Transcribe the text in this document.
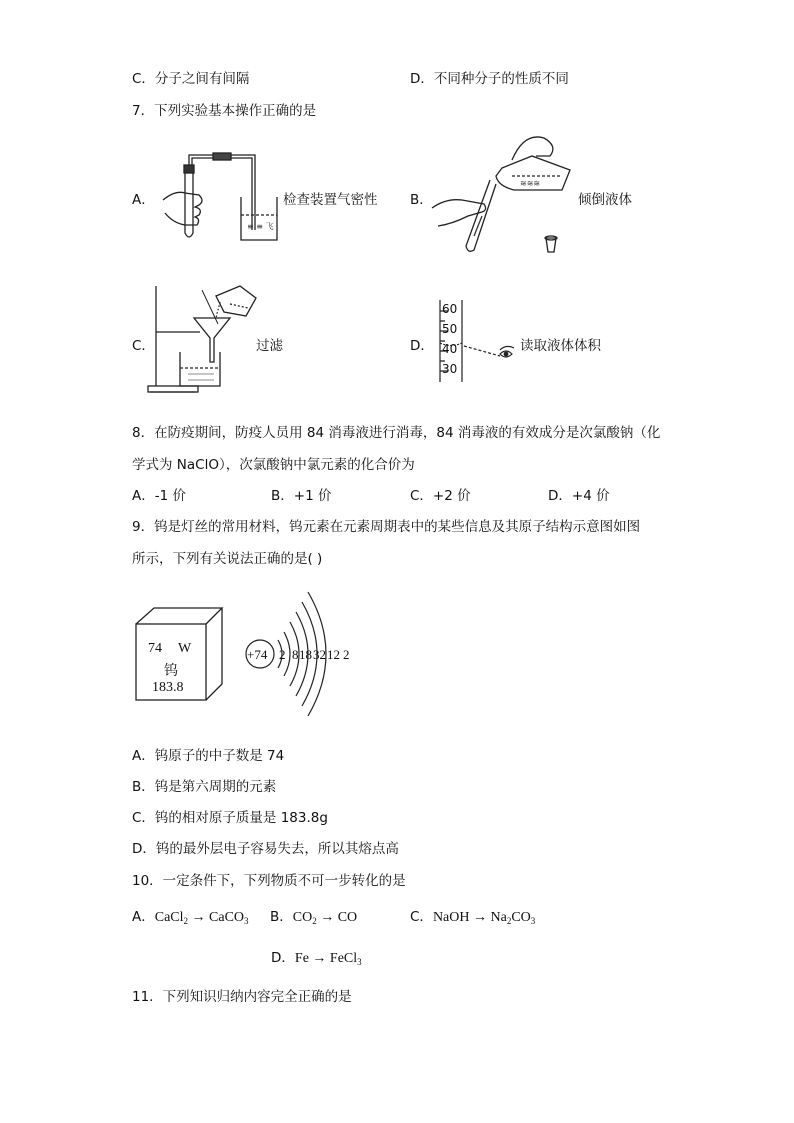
C．分子之间有间隔	D．不同种分子的性质不同
7．下列实验基本操作正确的是
A．
≡ ≡ 飞
检查装置气密性 B．
≋≋≋
倾倒液体
C．	过滤	D．
60
50
40
30
读取液体体积
8．在防疫期间，防疫人员用 84 消毒液进行消毒，84 消毒液的有效成分是次氯酸钠（化
学式为 NaClO），次氯酸钠中氯元素的化合价为
A．-1 价	B．+1 价	C．+2 价	D．+4 价
9．钨是灯丝的常用材料，钨元素在元素周期表中的某些信息及其原子结构示意图如图
所示，下列有关说法正确的是( )
74 W
钨
183.8
+74 2 8 18 32 12 2
A．钨原子的中子数是 74
B．钨是第六周期的元素
C．钨的相对原子质量是 183.8g
D．钨的最外层电子容易失去，所以其熔点高
10．一定条件下，下列物质不可一步转化的是
A．CaCl$_2$ → CaCO$_3$ B．$CO_2$ → CO	C．NaOH → $Na_2CO_3$
D．Fe → FeCl$_3$
11．下列知识归纳内容完全正确的是
